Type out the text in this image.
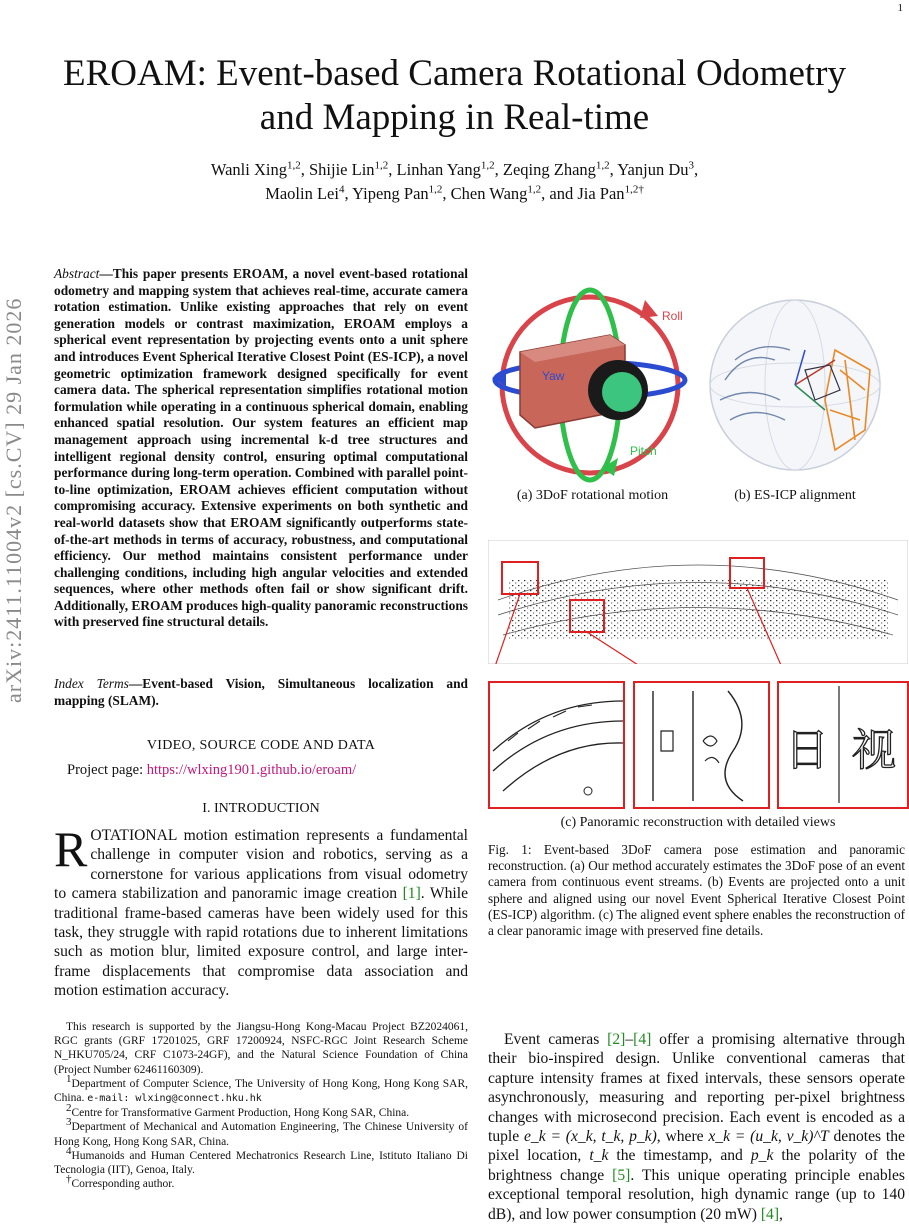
1
arXiv:2411.11004v2 [cs.CV] 29 Jan 2026
EROAM: Event-based Camera Rotational Odometry
and Mapping in Real-time
Wanli Xing$^{1,2}$, Shijie Lin$^{1,2}$, Linhan Yang$^{1,2}$, Zeqing Zhang$^{1,2}$, Yanjun Du$^3$,
Maolin Lei$^4$, Yipeng Pan$^{1,2}$, Chen Wang$^{1,2}$, and Jia Pan$^{1,2\dagger}$
Abstract—This paper presents EROAM, a novel event-based rotational odometry and mapping system that achieves real-time, accurate camera rotation estimation. Unlike existing approaches that rely on event generation models or contrast maximization, EROAM employs a spherical event representation by projecting events onto a unit sphere and introduces Event Spherical Iterative Closest Point (ES-ICP), a novel geometric optimization framework designed specifically for event camera data. The spherical representation simplifies rotational motion formulation while operating in a continuous spherical domain, enabling enhanced spatial resolution. Our system features an efficient map management approach using incremental k-d tree structures and intelligent regional density control, ensuring optimal computational performance during long-term operation. Combined with parallel point-to-line optimization, EROAM achieves efficient computation without compromising accuracy. Extensive experiments on both synthetic and real-world datasets show that EROAM significantly outperforms state-of-the-art methods in terms of accuracy, robustness, and computational efficiency. Our method maintains consistent performance under challenging conditions, including high angular velocities and extended sequences, where other methods often fail or show significant drift. Additionally, EROAM produces high-quality panoramic reconstructions with preserved fine structural details.
Index Terms—Event-based Vision, Simultaneous localization and mapping (SLAM).
VIDEO, SOURCE CODE AND DATA
Project page: https://wlxing1901.github.io/eroam/
I. INTRODUCTION
ROTATIONAL motion estimation represents a fundamental challenge in computer vision and robotics, serving as a cornerstone for various applications from visual odometry to camera stabilization and panoramic image creation [1]. While traditional frame-based cameras have been widely used for this task, they struggle with rapid rotations due to inherent limitations such as motion blur, limited exposure control, and large inter-frame displacements that compromise data association and motion estimation accuracy.

This research is supported by the Jiangsu-Hong Kong-Macau Project BZ2024061, RGC grants (GRF 17201025, GRF 17200924, NSFC-RGC Joint Research Scheme N_HKU705/24, CRF C1073-24GF), and the Natural Science Foundation of China (Project Number 62461160309).

$^1$Department of Computer Science, The University of Hong Kong, Hong Kong SAR, China. e-mail: wlxing@connect.hku.hk

$^2$Centre for Transformative Garment Production, Hong Kong SAR, China.

$^3$Department of Mechanical and Automation Engineering, The Chinese University of Hong Kong, Hong Kong SAR, China.

$^4$Humanoids and Human Centered Mechatronics Research Line, Istituto Italiano Di Tecnologia (IIT), Genoa, Italy.

†Corresponding author.

Roll
Yaw
Pitch
(a) 3DoF rotational motion	(b) ES-ICP alignment
日 视
(c) Panoramic reconstruction with detailed views
Fig. 1: Event-based 3DoF camera pose estimation and panoramic reconstruction. (a) Our method accurately estimates the 3DoF pose of an event camera from continuous event streams. (b) Events are projected onto a unit sphere and aligned using our novel Event Spherical Iterative Closest Point (ES-ICP) algorithm. (c) The aligned event sphere enables the reconstruction of a clear panoramic image with preserved fine details.

Event cameras [2]–[4] offer a promising alternative through their bio-inspired design. Unlike conventional cameras that capture intensity frames at fixed intervals, these sensors operate asynchronously, measuring and reporting per-pixel brightness changes with microsecond precision. Each event is encoded as a tuple e_k = (x_k, t_k, p_k), where x_k = (u_k, v_k)^T denotes the pixel location, t_k the timestamp, and p_k the polarity of the brightness change [5]. This unique operating principle enables exceptional temporal resolution, high dynamic range (up to 140 dB), and low power consumption (20 mW) [4],
